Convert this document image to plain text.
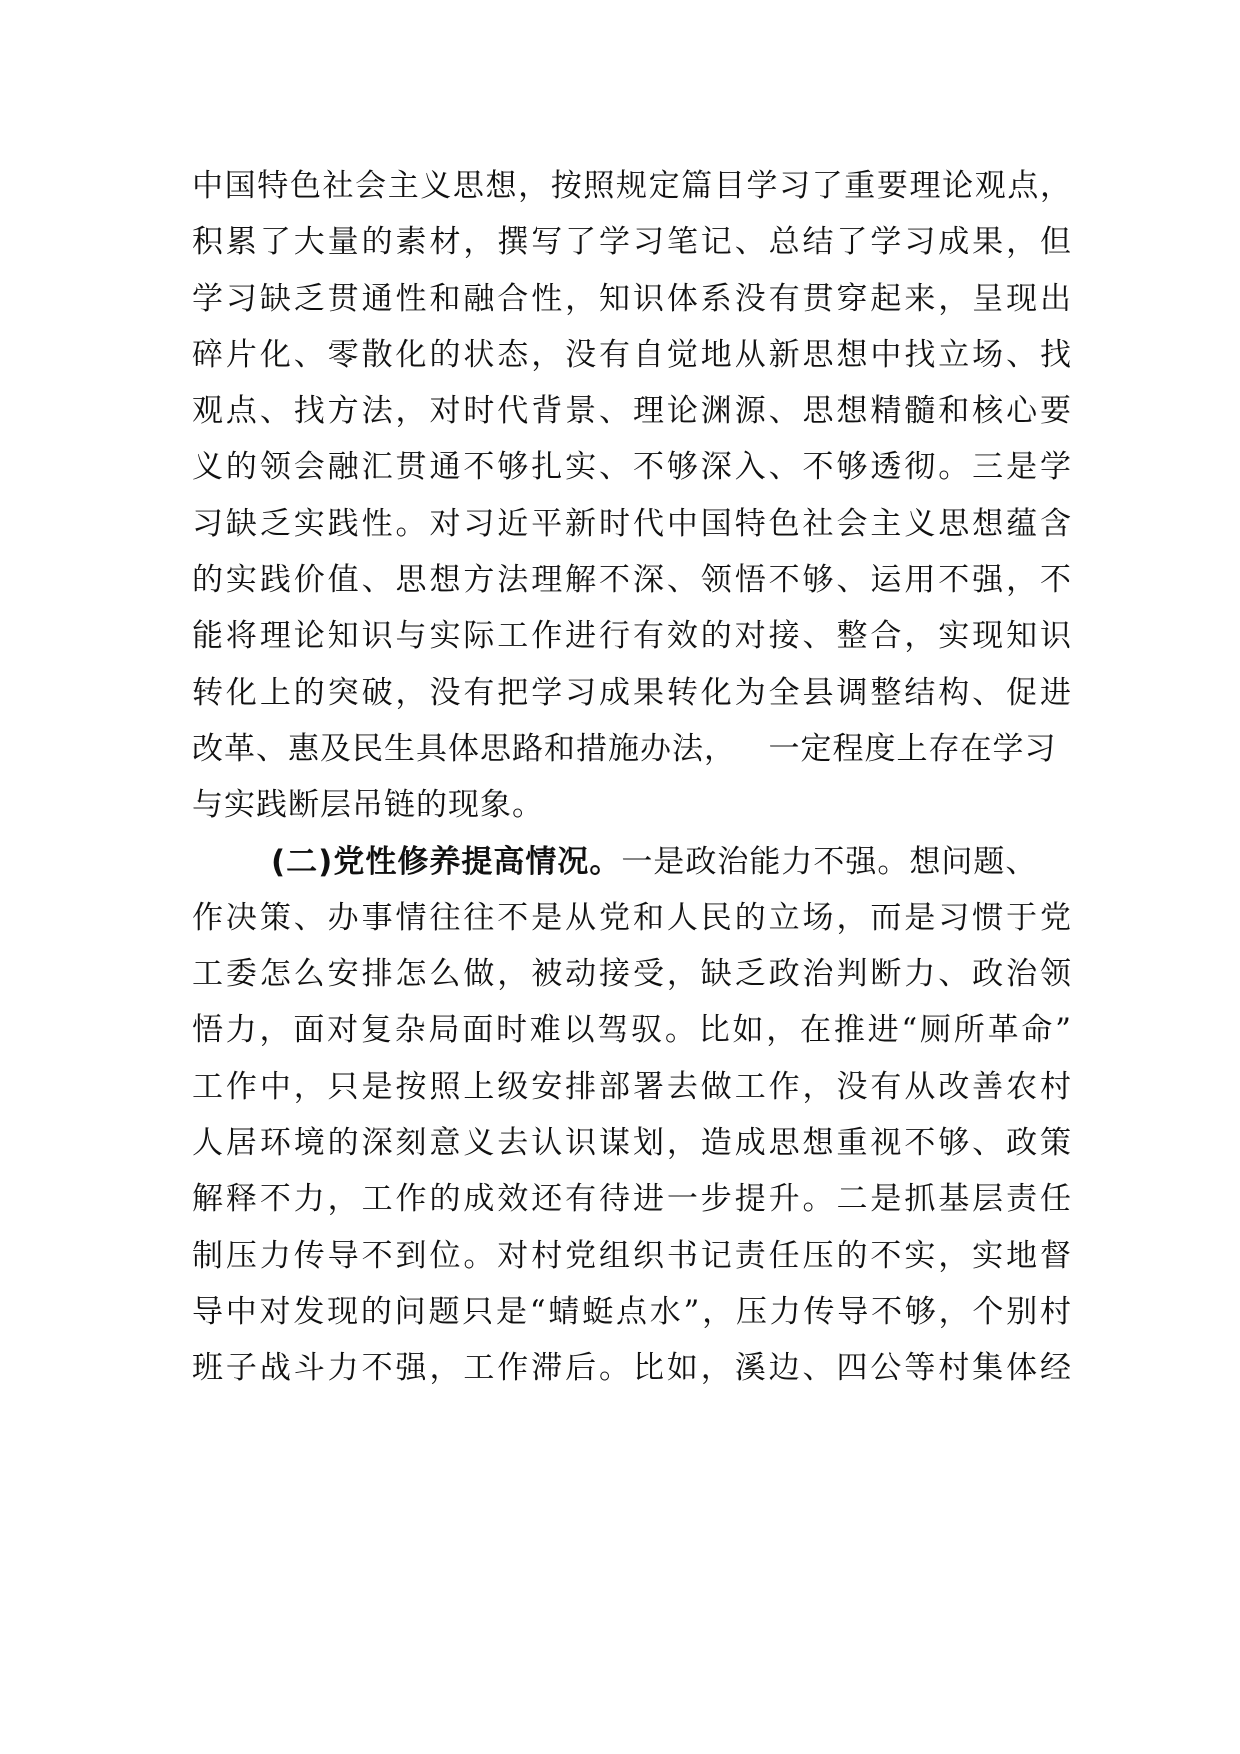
中国特色社会主义思想，按照规定篇目学习了重要理论观点，
积累了大量的素材，撰写了学习笔记、总结了学习成果，但
学习缺乏贯通性和融合性，知识体系没有贯穿起来，呈现出
碎片化、零散化的状态，没有自觉地从新思想中找立场、找
观点、找方法，对时代背景、理论渊源、思想精髓和核心要
义的领会融汇贯通不够扎实、不够深入、不够透彻。三是学
习缺乏实践性。对习近平新时代中国特色社会主义思想蕴含
的实践价值、思想方法理解不深、领悟不够、运用不强，不
能将理论知识与实际工作进行有效的对接、整合，实现知识
转化上的突破，没有把学习成果转化为全县调整结构、促进
改革、惠及民生具体思路和措施办法，   一定程度上存在学习
与实践断层吊链的现象。
(二)党性修养提高情况。一是政治能力不强。想问题、
作决策、办事情往往不是从党和人民的立场，而是习惯于党
工委怎么安排怎么做，被动接受，缺乏政治判断力、政治领
悟力，面对复杂局面时难以驾驭。比如，在推进“厕所革命”
工作中，只是按照上级安排部署去做工作，没有从改善农村
人居环境的深刻意义去认识谋划，造成思想重视不够、政策
解释不力，工作的成效还有待进一步提升。二是抓基层责任
制压力传导不到位。对村党组织书记责任压的不实，实地督
导中对发现的问题只是“蜻蜓点水”，压力传导不够，个别村
班子战斗力不强，工作滞后。比如，溪边、四公等村集体经
